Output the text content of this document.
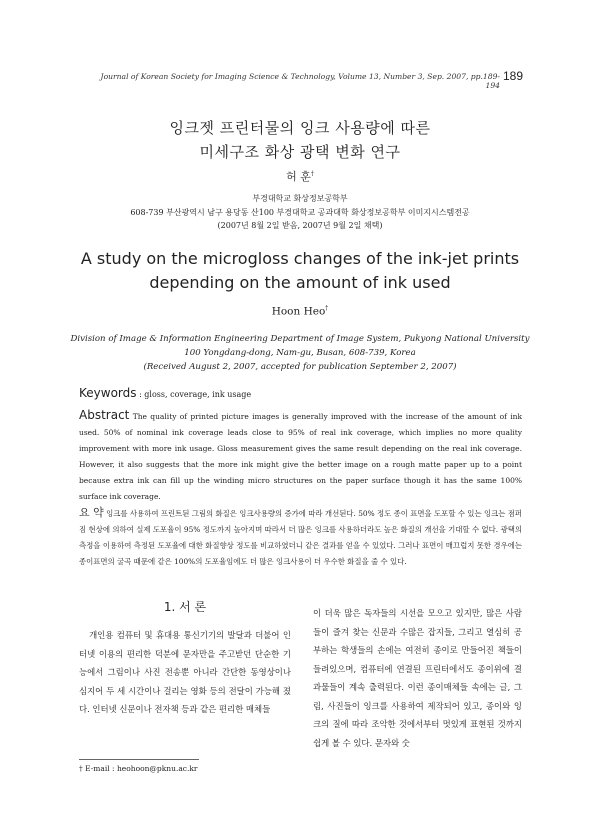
Journal of Korean Society for Imaging Science & Technology, Volume 13, Number 3, Sep. 2007, pp.189-194
189
잉크젯 프린터물의 잉크 사용량에 따른
미세구조 화상 광택 변화 연구
허 훈†
부경대학교 화상정보공학부
608-739 부산광역시 남구 용당동 산100 부경대학교 공과대학 화상정보공학부 이미지시스템전공
(2007년 8월 2일 받음, 2007년 9월 2일 채택)
A study on the microgloss changes of the ink-jet prints
depending on the amount of ink used
Hoon Heo†
Division of Image & Information Engineering Department of Image System, Pukyong National University
100 Yongdang-dong, Nam-gu, Busan, 608-739, Korea
(Received August 2, 2007, accepted for publication September 2, 2007)
Keywords : gloss, coverage, ink usage
Abstract The quality of printed picture images is generally improved with the increase of the amount of ink used. 50% of nominal ink coverage leads close to 95% of real ink coverage, which implies no more quality improvement with more ink usage. Gloss measurement gives the same result depending on the real ink coverage. However, it also suggests that the more ink might give the better image on a rough matte paper up to a point because extra ink can fill up the winding micro structures on the paper surface though it has the same 100% surface ink coverage.
요 약 잉크를 사용하여 프린트된 그림의 화질은 잉크사용량의 증가에 따라 개선된다. 50% 정도 종이 표면을 도포할 수 있는 잉크는 점퍼짐 현상에 의하여 실제 도포율이 95% 정도까지 높아지며 따라서 더 많은 잉크를 사용하더라도 높은 화질의 개선을 기대할 수 없다. 광택의 측정을 이용하여 측정된 도포율에 대한 화질향상 정도를 비교하였더니 같은 결과를 얻을 수 있었다. 그러나 표면이 매끄럽지 못한 경우에는 종이표면의 굴곡 때문에 같은 100%의 도포율임에도 더 많은 잉크사용이 더 우수한 화질을 줄 수 있다.
1. 서 론
개인용 컴퓨터 및 휴대용 통신기기의 발달과 더불어 인터넷 이용의 편리한 덕분에 문자만을 주고받던 단순한 기능에서 그림이나 사진 전송뿐 아니라 간단한 동영상이나 심지어 두 세 시간이나 걸리는 영화 등의 전달이 가능해 졌다. 인터넷 신문이나 전자책 등과 같은 편리한 매체들
이 더욱 많은 독자들의 시선을 모으고 있지만, 많은 사람들이 즐겨 찾는 신문과 수많은 잡지들, 그리고 열심히 공부하는 학생들의 손에는 여전히 종이로 만들어진 책들이 들려있으며, 컴퓨터에 연결된 프린터에서도 종이위에 결과물들이 계속 출력된다. 이런 종이매체들 속에는 글, 그림, 사진들이 잉크를 사용하여 제작되어 있고, 종이와 잉크의 질에 따라 조악한 것에서부터 멋있게 표현된 것까지 쉽게 볼 수 있다. 문자와 숫
† E-mail : heohoon@pknu.ac.kr
